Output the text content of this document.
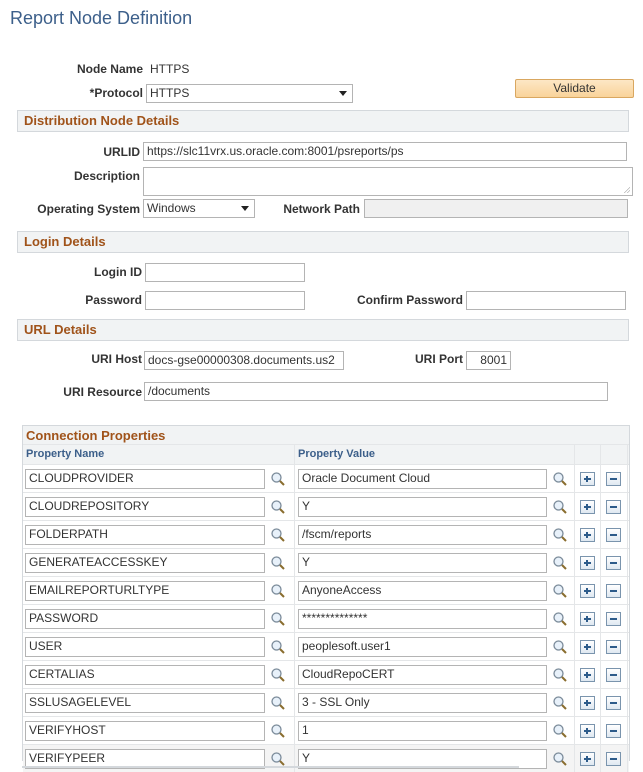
Report Node Definition
Node Name HTTPS
*Protocol HTTPS	Validate
Distribution Node Details
URLID https://slc11vrx.us.oracle.com:8001/psreports/ps
Description
Operating System Windows	Network Path
Login Details
Login ID
Password	Confirm Password
URL Details
URI Host docs-gse00000308.documents.us2	URI Port	8001
URI Resource /documents
Connection Properties
Property Name	Property Value
CLOUDPROVIDER	Oracle Document Cloud
CLOUDREPOSITORY	Y
FOLDERPATH	/fscm/reports
GENERATEACCESSKEY	Y
EMAILREPORTURLTYPE	AnyoneAccess
PASSWORD	**************
USER	peoplesoft.user1
CERTALIAS	CloudRepoCERT
SSLUSAGELEVEL	3 - SSL Only
VERIFYHOST	1
VERIFYPEER	Y
